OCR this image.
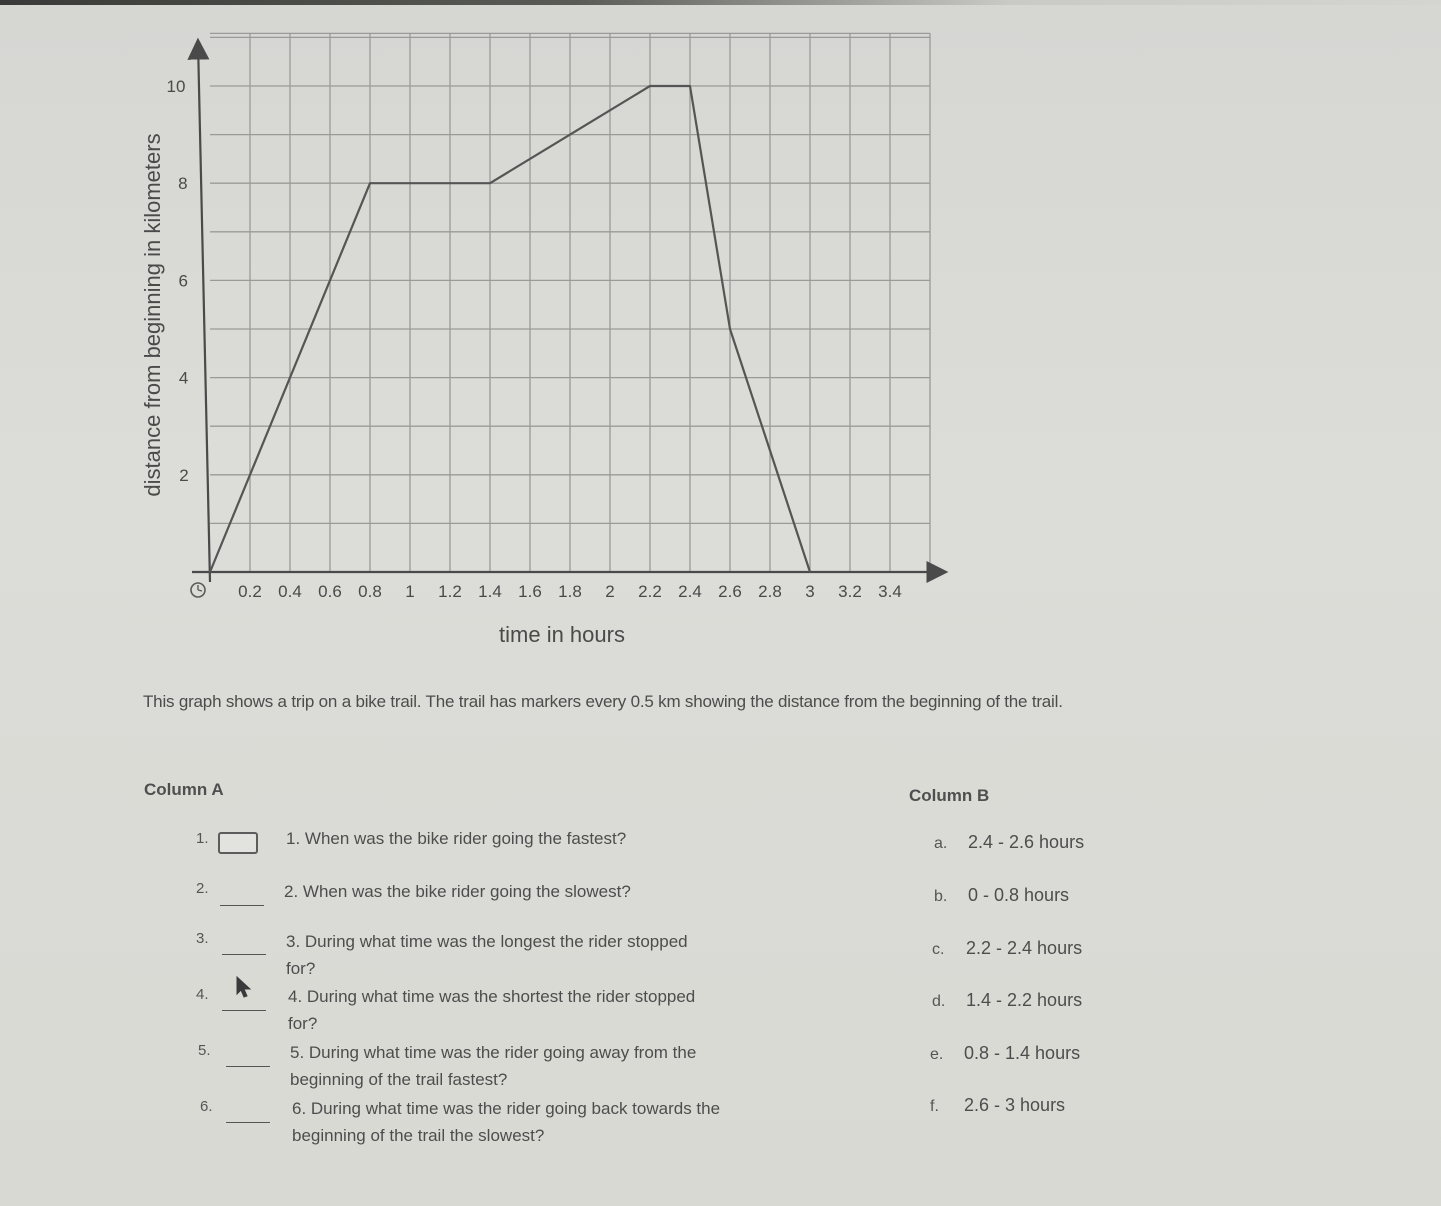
0.2 0.4 0.6 0.8 1 1.2 1.4 1.6 1.8 2 2.2 2.4 2.6 2.8 3 3.2 3.4
2
4
6
8
10
time in hours
distance from beginning in kilometers
This graph shows a trip on a bike trail. The trail has markers every 0.5 km showing the distance from the beginning of the trail.
Column A	Column B
1.	1. When was the bike rider going the fastest?
2.	2. When was the bike rider going the slowest?
3.	3. During what time was the longest the rider stopped for?
4.	4. During what time was the shortest the rider stopped for?
5.	5. During what time was the rider going away from the beginning of the trail fastest?
6.	6. During what time was the rider going back towards the beginning of the trail the slowest?
a. 2.4 - 2.6 hours
b. 0 - 0.8 hours
c. 2.2 - 2.4 hours
d. 1.4 - 2.2 hours
e. 0.8 - 1.4 hours
f. 2.6 - 3 hours
